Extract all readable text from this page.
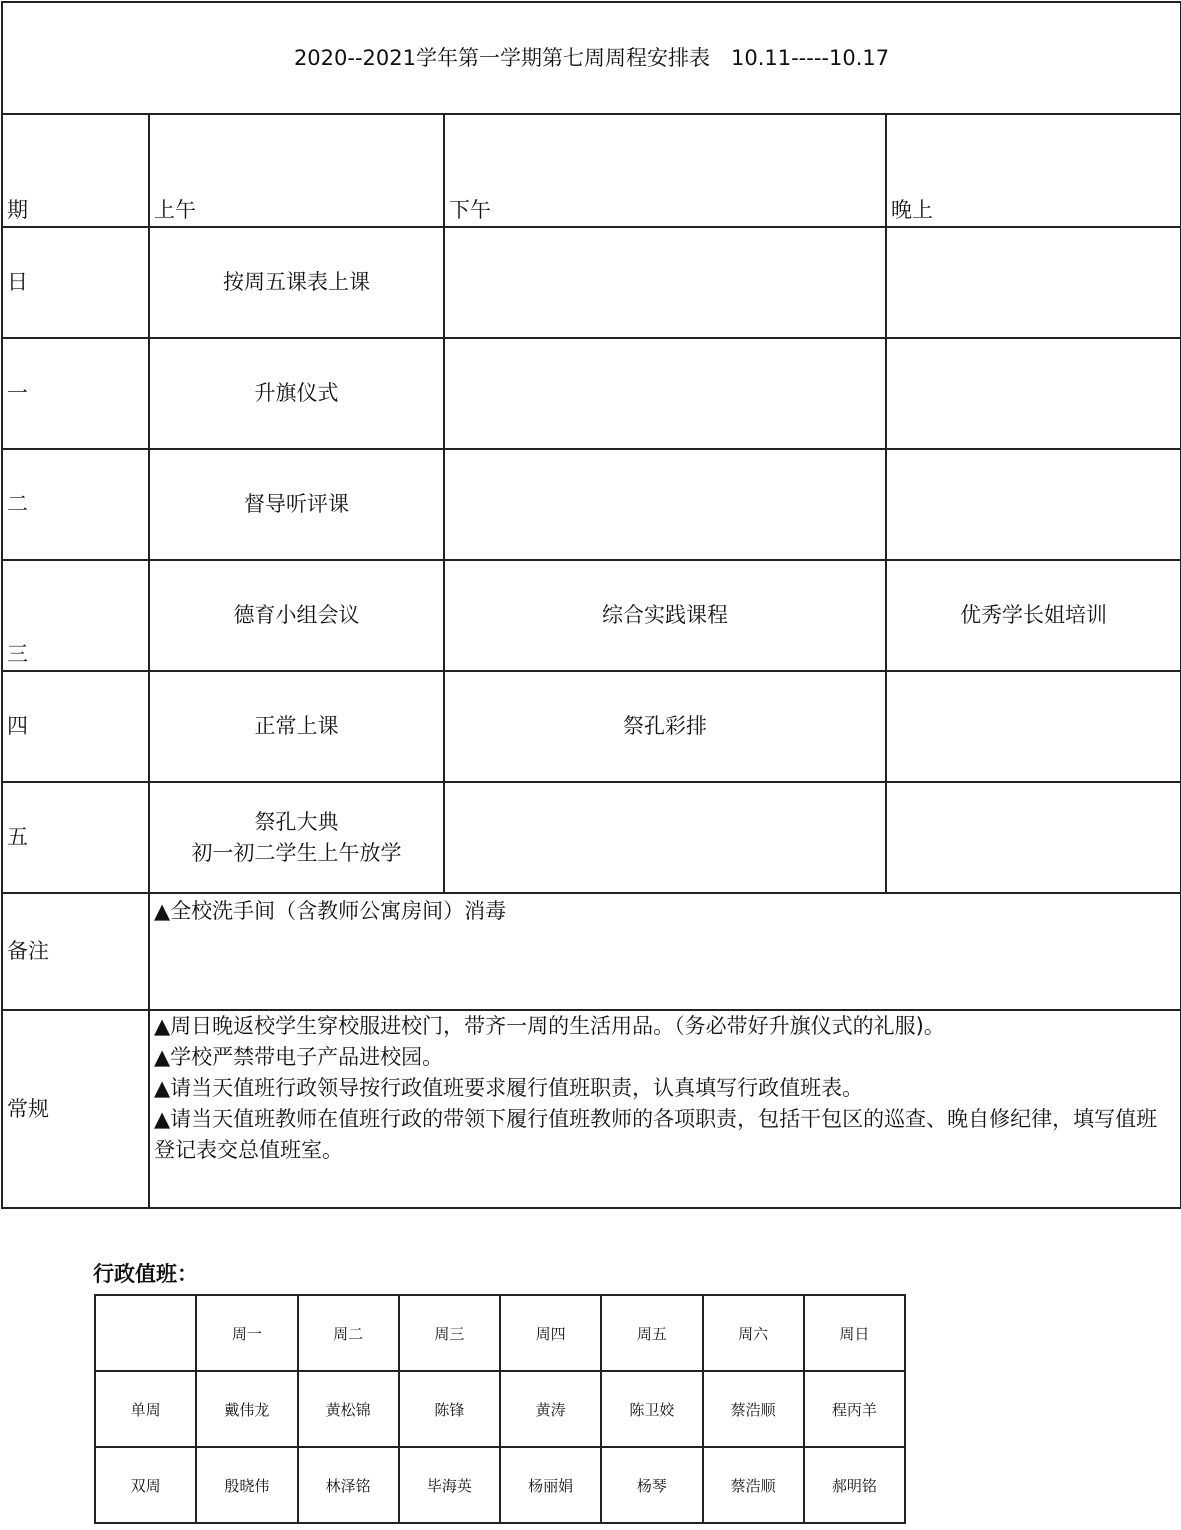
2020--2021学年第一学期第七周周程安排表　10.11-----10.17			
期	上午	下午	晚上
日	按周五课表上课		
一	升旗仪式		
二	督导听评课		
三	德育小组会议	综合实践课程	优秀学长姐培训
四	正常上课	祭孔彩排	
五	祭孔大典
初一初二学生上午放学		

备注	▲全校洗手间（含教师公寓房间）消毒		
常规	▲周日晚返校学生穿校服进校门，带齐一周的生活用品。（务必带好升旗仪式的礼服)。
▲学校严禁带电子产品进校园。
▲请当天值班行政领导按行政值班要求履行值班职责，认真填写行政值班表。
▲请当天值班教师在值班行政的带领下履行值班教师的各项职责，包括干包区的巡查、晚自修纪律，填写值班登记表交总值班室。		
行政值班：
	周一	周二	周三	周四	周五	周六	周日
单周	戴伟龙	黄松锦	陈锋	黄涛	陈卫姣	蔡浩顺	程丙羊
双周	殷晓伟	林泽铭	毕海英	杨丽娟	杨琴	蔡浩顺	郝明铭
